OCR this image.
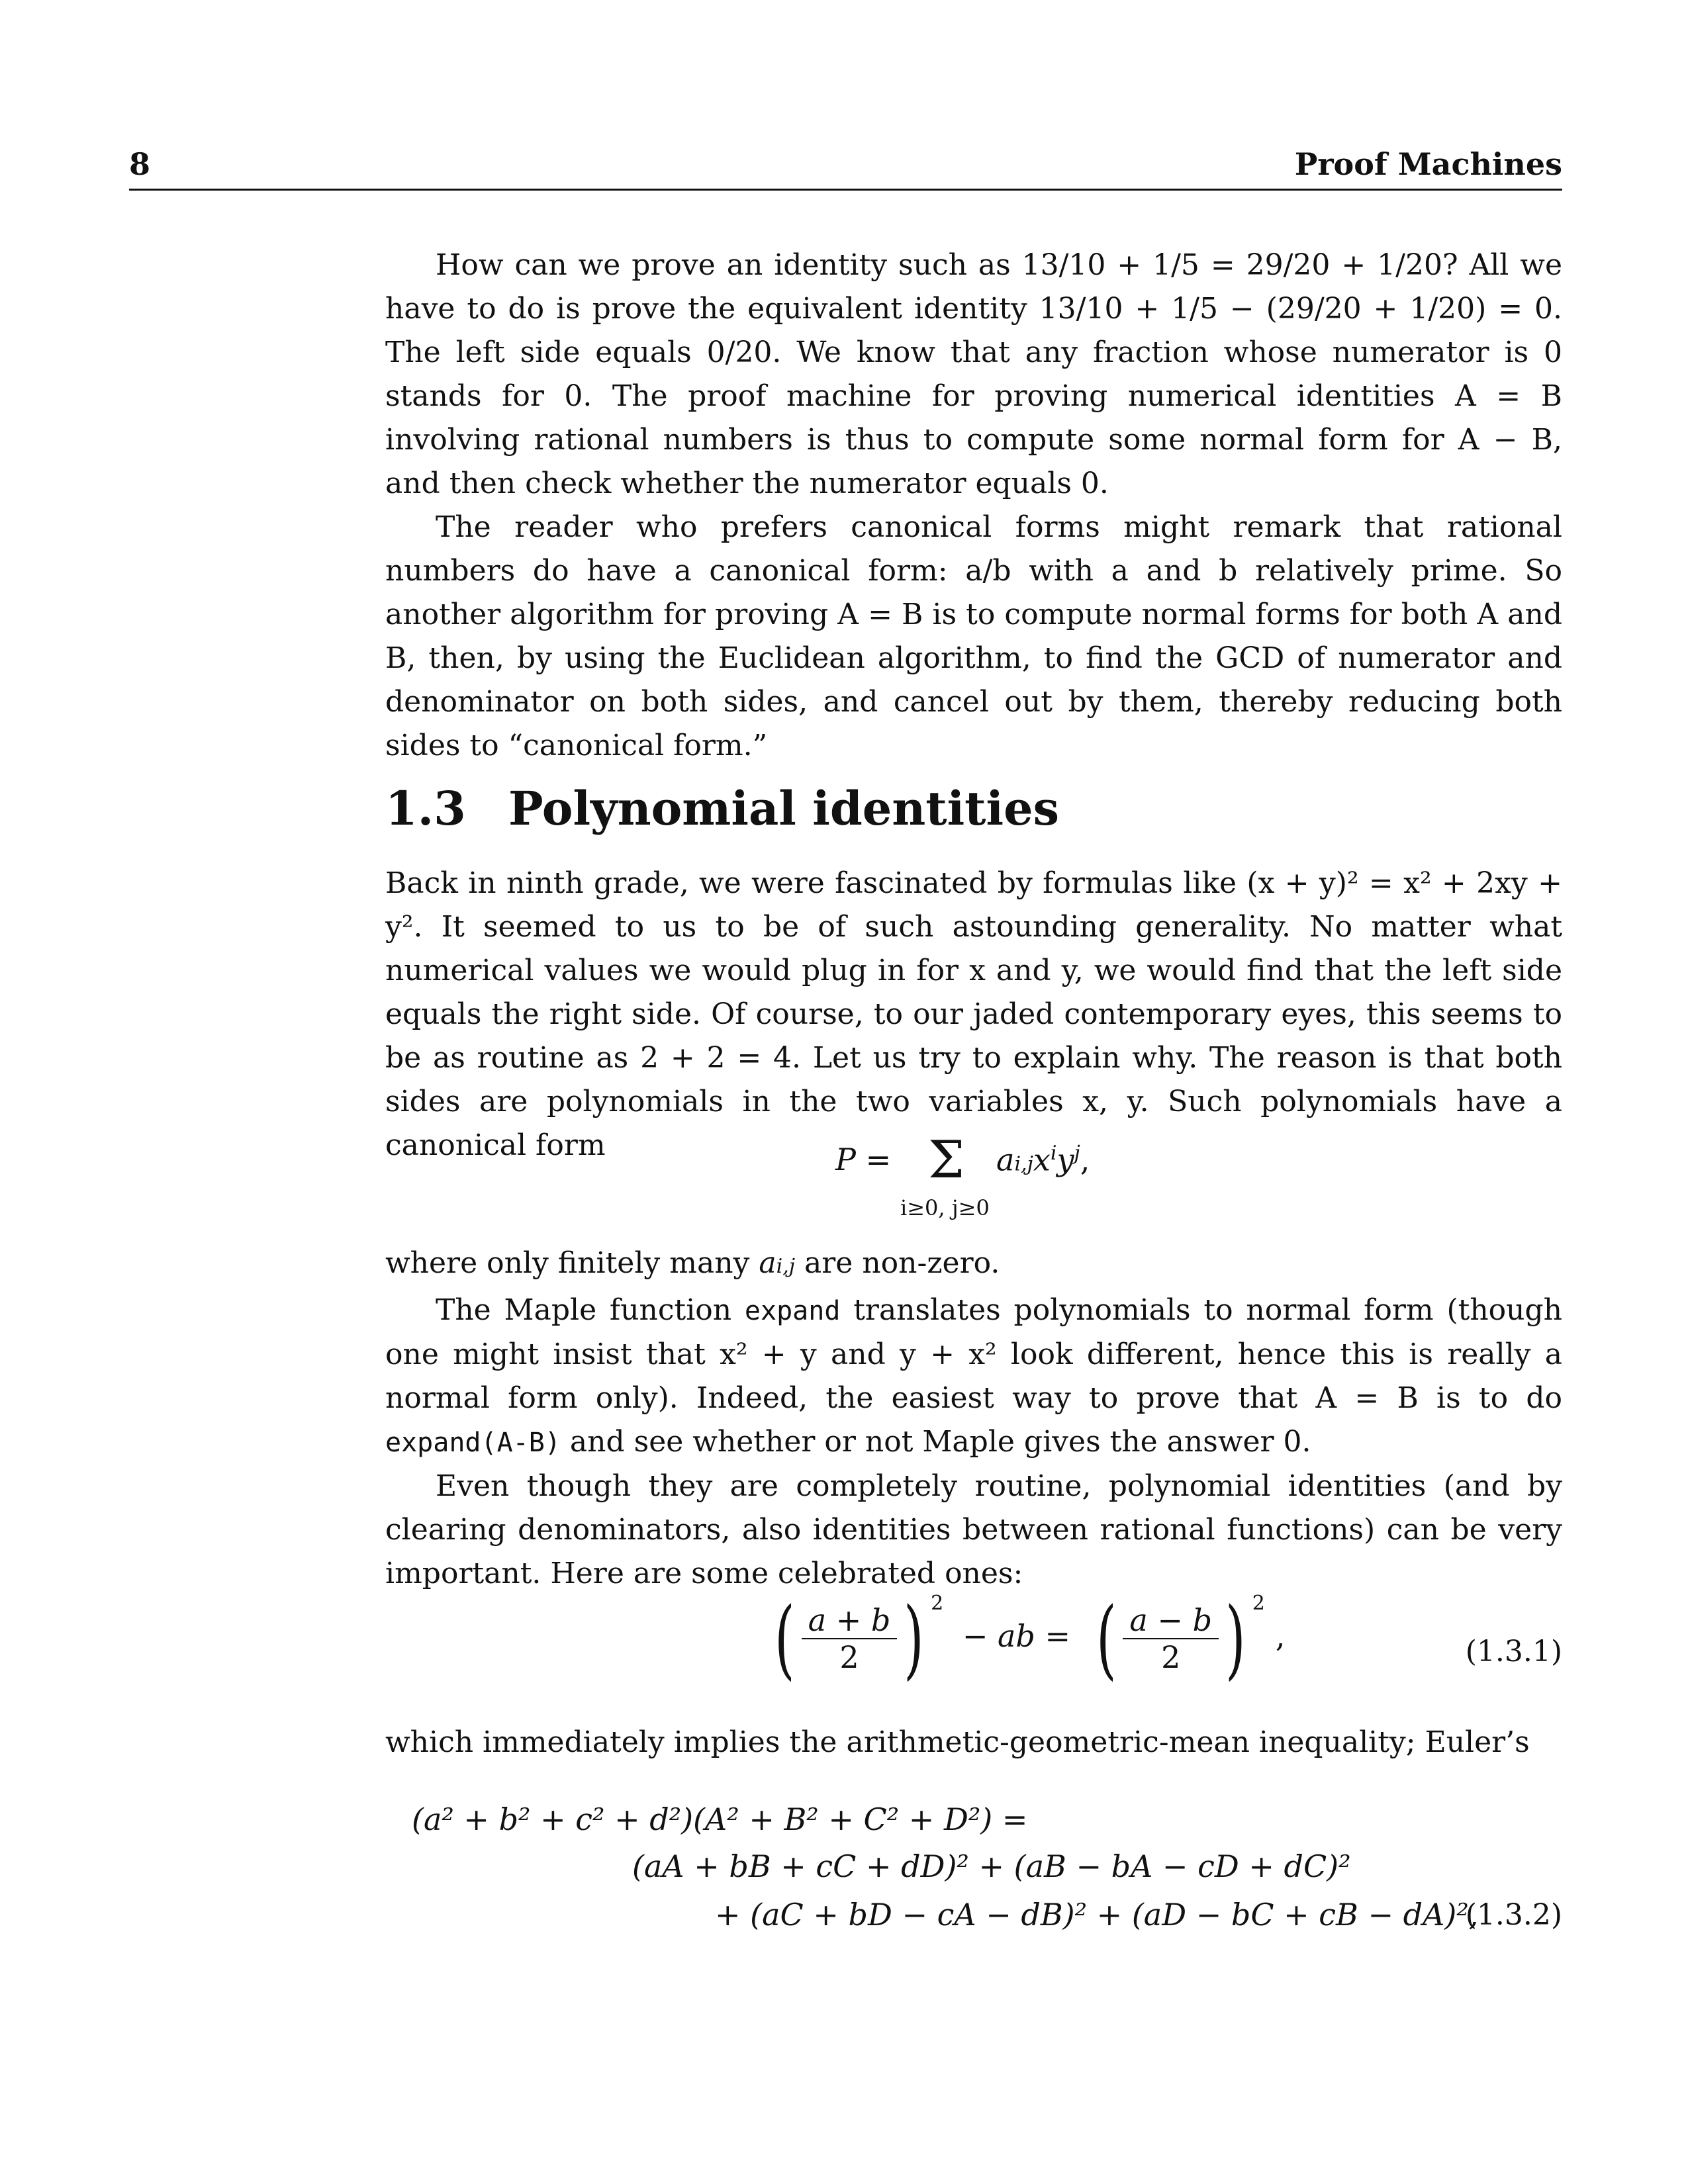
8	Proof Machines

How can we prove an identity such as 13/10 + 1/5 = 29/20 + 1/20? All we have to do is prove the equivalent identity 13/10 + 1/5 − (29/20 + 1/20) = 0. The left side equals 0/20. We know that any fraction whose numerator is 0 stands for 0. The proof machine for proving numerical identities A = B involving rational numbers is thus to compute some normal form for A − B, and then check whether the numerator equals 0.

The reader who prefers canonical forms might remark that rational numbers do have a canonical form: a/b with a and b relatively prime. So another algorithm for proving A = B is to compute normal forms for both A and B, then, by using the Euclidean algorithm, to find the GCD of numerator and denominator on both sides, and cancel out by them, thereby reducing both sides to “canonical form.”

1.3 Polynomial identities

Back in ninth grade, we were fascinated by formulas like (x + y)² = x² + 2xy + y². It seemed to us to be of such astounding generality. No matter what numerical values we would plug in for x and y, we would find that the left side equals the right side. Of course, to our jaded contemporary eyes, this seems to be as routine as 2 + 2 = 4. Let us try to explain why. The reason is that both sides are polynomials in the two variables x, y. Such polynomials have a canonical form	P = Σ
i≥0, j≥0
$ai,jx^iy^j$,

where only finitely many ai,j are non-zero.

The Maple function expand translates polynomials to normal form (though one might insist that x² + y and y + x² look different, hence this is really a normal form only). Indeed, the easiest way to prove that A = B is to do expand(A-B) and see whether or not Maple gives the answer 0.

Even though they are completely routine, polynomial identities (and by clearing denominators, also identities between rational functions) can be very important. Here are some celebrated ones:

( $\frac{a + b}{2}$ ) $^2$ − ab = ( $\frac{a - b}{2}$ ) $^2$,	(1.3.1)

which immediately implies the arithmetic-geometric-mean inequality; Euler’s

(a² + b² + c² + d²)(A² + B² + C² + D²) =
(aA + bB + cC + dD)² + (aB − bA − cD + dC)²
+ (aC + bD − cA − dB)² + (aD − bC + cB − dA)²,
(1.3.2)
